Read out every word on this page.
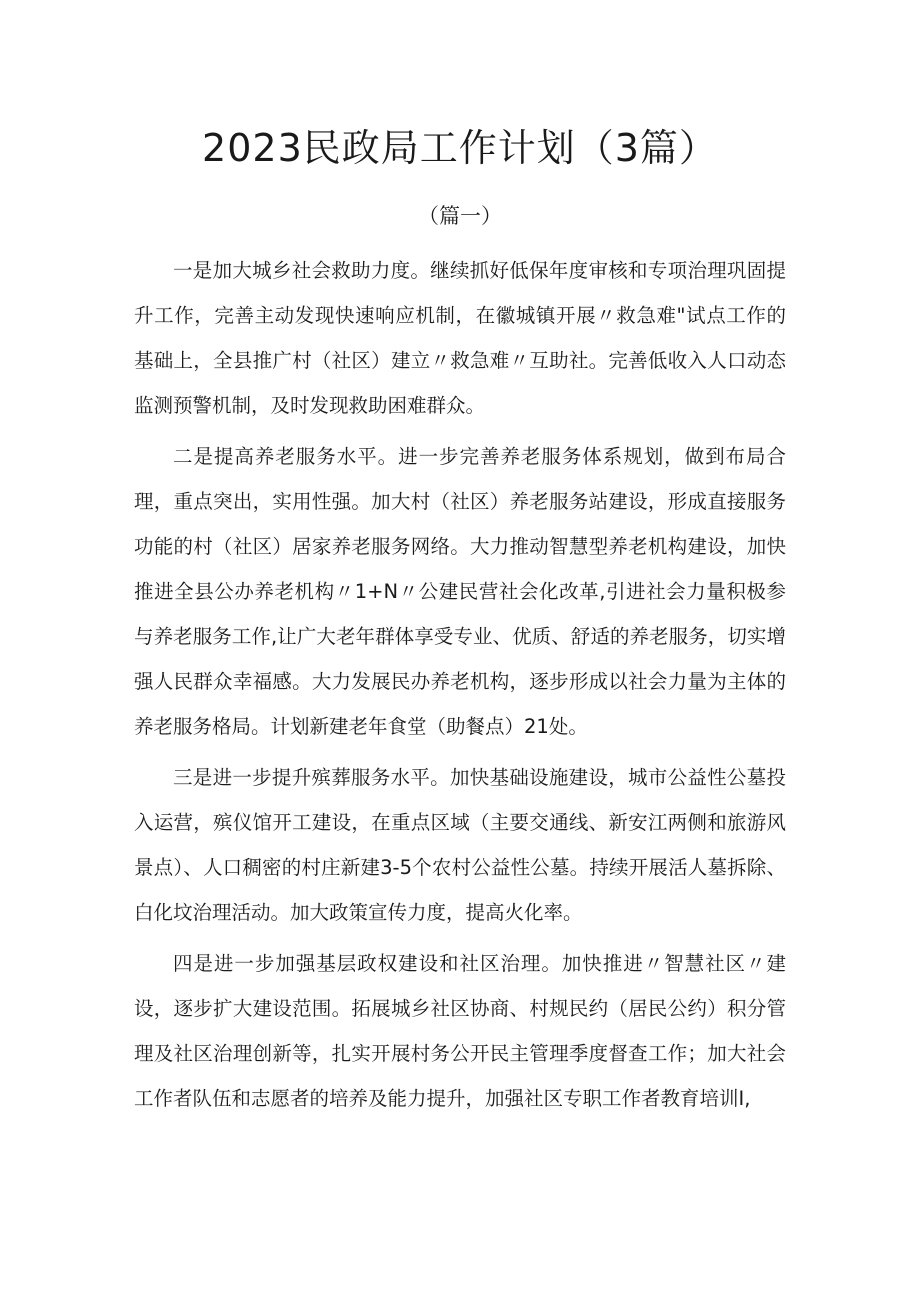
2023民政局工作计划（3篇）
（篇一）

一是加大城乡社会救助力度。继续抓好低保年度审核和专项治理巩固提升工作，完善主动发现快速响应机制，在徽城镇开展〃救急难"试点工作的基础上，全县推广村（社区）建立〃救急难〃互助社。完善低收入人口动态监测预警机制，及时发现救助困难群众。

二是提高养老服务水平。进一步完善养老服务体系规划，做到布局合理，重点突出，实用性强。加大村（社区）养老服务站建设，形成直接服务功能的村（社区）居家养老服务网络。大力推动智慧型养老机构建设，加快推进全县公办养老机构〃1+N〃公建民营社会化改革,引进社会力量积极参与养老服务工作,让广大老年群体享受专业、优质、舒适的养老服务，切实增强人民群众幸福感。大力发展民办养老机构，逐步形成以社会力量为主体的养老服务格局。计划新建老年食堂（助餐点）21处。

三是进一步提升殡葬服务水平。加快基础设施建设，城市公益性公墓投入运营，殡仪馆开工建设，在重点区域（主要交通线、新安江两侧和旅游风景点）、人口稠密的村庄新建3-5个农村公益性公墓。持续开展活人墓拆除、白化坟治理活动。加大政策宣传力度，提高火化率。

四是进一步加强基层政权建设和社区治理。加快推进〃智慧社区〃建设，逐步扩大建设范围。拓展城乡社区协商、村规民约（居民公约）积分管理及社区治理创新等，扎实开展村务公开民主管理季度督查工作；加大社会工作者队伍和志愿者的培养及能力提升，加强社区专职工作者教育培训I,
